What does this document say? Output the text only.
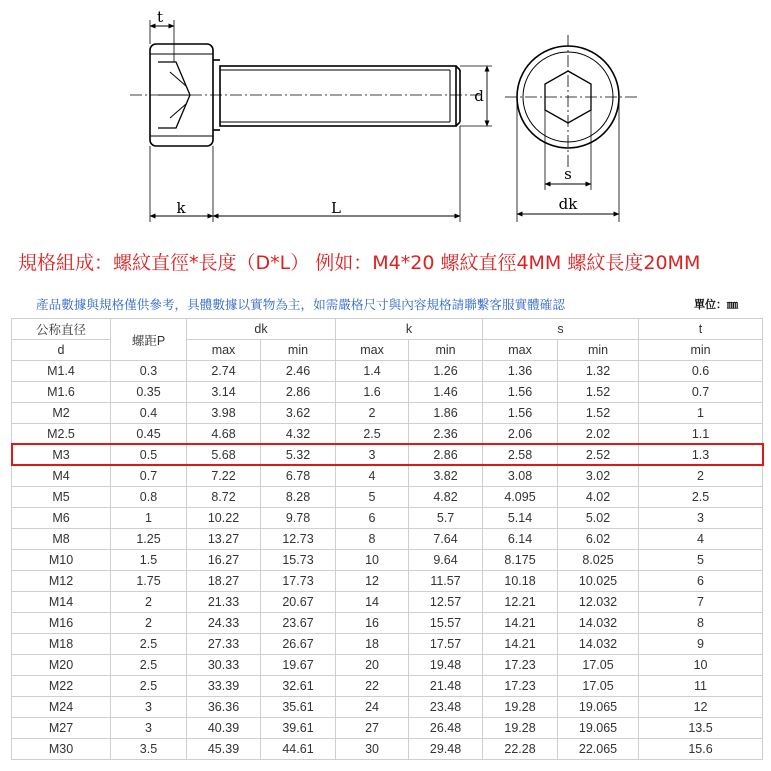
t
k	L
d
s
dk
規格組成：螺紋直徑*長度（D*L） 例如：M4*20 螺紋直徑4MM 螺紋長度20MM
產品數據與規格僅供參考，具體數據以實物為主，如需嚴格尺寸與內容規格請聯繫客服實體確認	單位：㎜
公称直径	螺距P	dk		k		s		t
d		max	min	max	min	max	min	min
M1.4	0.3	2.74	2.46	1.4	1.26	1.36	1.32	0.6
M1.6	0.35	3.14	2.86	1.6	1.46	1.56	1.52	0.7
M2	0.4	3.98	3.62	2	1.86	1.56	1.52	1
M2.5	0.45	4.68	4.32	2.5	2.36	2.06	2.02	1.1
M3	0.5	5.68	5.32	3	2.86	2.58	2.52	1.3
M4	0.7	7.22	6.78	4	3.82	3.08	3.02	2
M5	0.8	8.72	8.28	5	4.82	4.095	4.02	2.5
M6	1	10.22	9.78	6	5.7	5.14	5.02	3
M8	1.25	13.27	12.73	8	7.64	6.14	6.02	4
M10	1.5	16.27	15.73	10	9.64	8.175	8.025	5
M12	1.75	18.27	17.73	12	11.57	10.18	10.025	6
M14	2	21.33	20.67	14	12.57	12.21	12.032	7
M16	2	24.33	23.67	16	15.57	14.21	14.032	8
M18	2.5	27.33	26.67	18	17.57	14.21	14.032	9
M20	2.5	30.33	19.67	20	19.48	17.23	17.05	10
M22	2.5	33.39	32.61	22	21.48	17.23	17.05	11
M24	3	36.36	35.61	24	23.48	19.28	19.065	12
M27	3	40.39	39.61	27	26.48	19.28	19.065	13.5
M30	3.5	45.39	44.61	30	29.48	22.28	22.065	15.6
